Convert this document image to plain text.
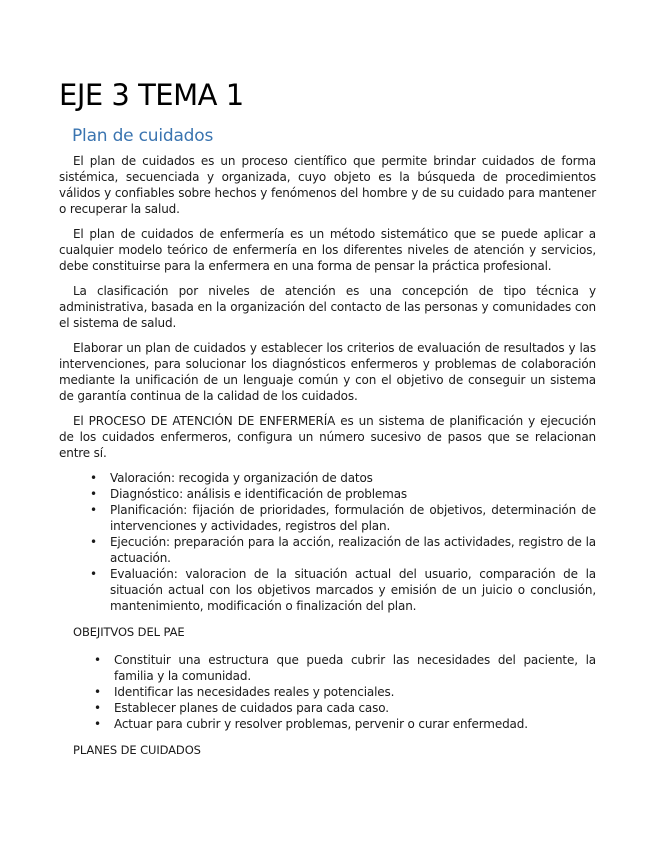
EJE 3 TEMA 1
Plan de cuidados

El plan de cuidados es un proceso científico que permite brindar cuidados de forma sistémica, secuenciada y organizada, cuyo objeto es la búsqueda de procedimientos válidos y confiables sobre hechos y fenómenos del hombre y de su cuidado para mantener o recuperar la salud.

El plan de cuidados de enfermería es un método sistemático que se puede aplicar a cualquier modelo teórico de enfermería en los diferentes niveles de atención y servicios, debe constituirse para la enfermera en una forma de pensar la práctica profesional.

La clasificación por niveles de atención es una concepción de tipo técnica y administrativa, basada en la organización del contacto de las personas y comunidades con el sistema de salud.

Elaborar un plan de cuidados y establecer los criterios de evaluación de resultados y las intervenciones, para solucionar los diagnósticos enfermeros y problemas de colaboración mediante la unificación de un lenguaje común y con el objetivo de conseguir un sistema de garantía continua de la calidad de los cuidados.

El PROCESO DE ATENCIÓN DE ENFERMERÍA es un sistema de planificación y ejecución de los cuidados enfermeros, configura un número sucesivo de pasos que se relacionan entre sí.

• Valoración: recogida y organización de datos
• Diagnóstico: análisis e identificación de problemas
• Planificación: fijación de prioridades, formulación de objetivos, determinación de intervenciones y actividades, registros del plan.
• Ejecución: preparación para la acción, realización de las actividades, registro de la actuación.
• Evaluación: valoracion de la situación actual del usuario, comparación de la situación actual con los objetivos marcados y emisión de un juicio o conclusión, mantenimiento, modificación o finalización del plan.
OBEJITVOS DEL PAE
• Constituir una estructura que pueda cubrir las necesidades del paciente, la familia y la comunidad.
• Identificar las necesidades reales y potenciales.
• Establecer planes de cuidados para cada caso.
• Actuar para cubrir y resolver problemas, pervenir o curar enfermedad.
PLANES DE CUIDADOS
